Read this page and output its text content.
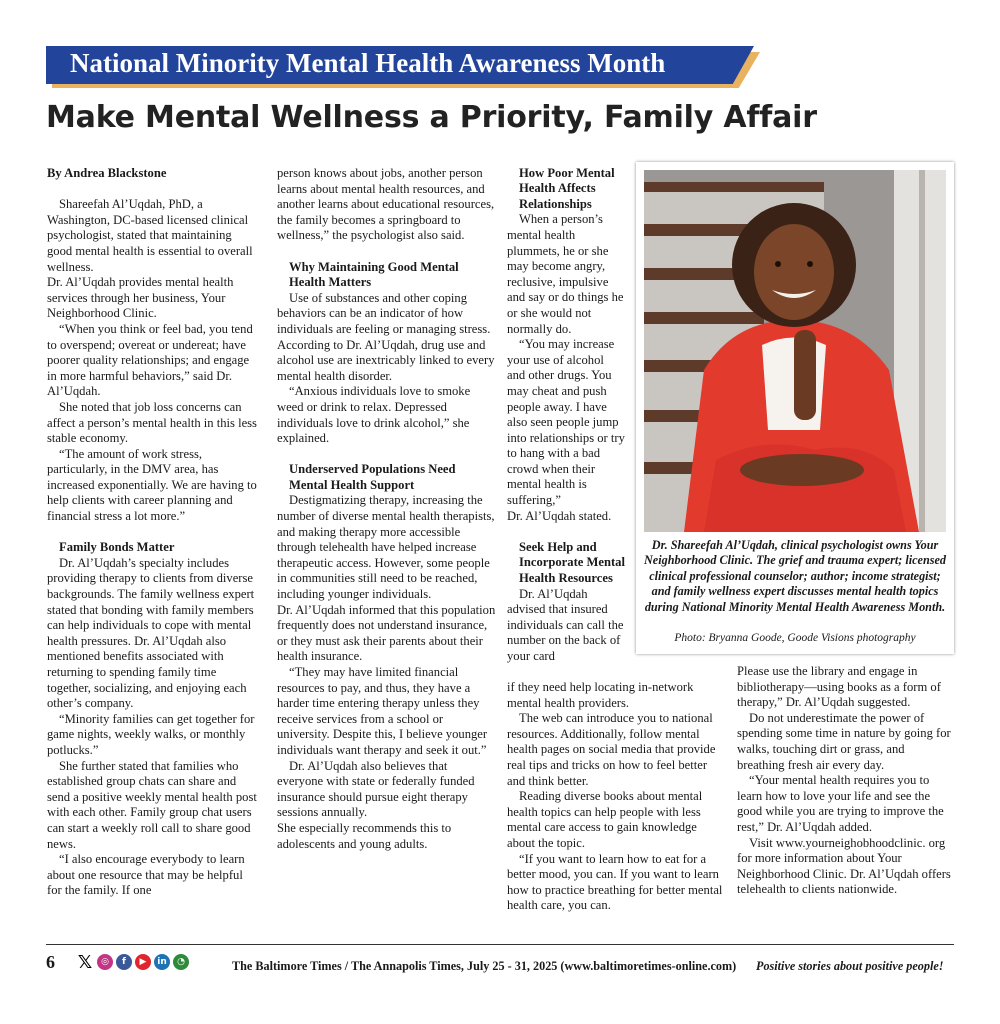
National Minority Mental Health Awareness Month
Make Mental Wellness a Priority, Family Affair

By Andrea Blackstone

Shareefah Al’Uqdah, PhD, a Washington, DC-based licensed clinical psychologist, stated that maintaining good mental health is essential to overall wellness.

Dr. Al’Uqdah provides mental health services through her business, Your Neighborhood Clinic.

“When you think or feel bad, you tend to overspend; overeat or undereat; have poorer quality relationships; and engage in more harmful behaviors,” said Dr. Al’Uqdah.

She noted that job loss concerns can affect a person’s mental health in this less stable economy.

“The amount of work stress, particularly, in the DMV area, has increased exponentially. We are having to help clients with career planning and financial stress a lot more.”

Family Bonds Matter

Dr. Al’Uqdah’s specialty includes providing therapy to clients from diverse backgrounds. The family wellness expert stated that bonding with family members can help individuals to cope with mental health pressures. Dr. Al’Uqdah also mentioned benefits associated with returning to spending family time together, socializing, and enjoying each other’s company.

“Minority families can get together for game nights, weekly walks, or monthly potlucks.”

She further stated that families who established group chats can share and send a positive weekly mental health post with each other. Family group chat users can start a weekly roll call to share good news.

“I also encourage everybody to learn about one resource that may be helpful for the family. If one

person knows about jobs, another person learns about mental health resources, and another learns about educational resources, the family becomes a springboard to wellness,” the psychologist also said.

Why Maintaining Good Mental Health Matters

Use of substances and other coping behaviors can be an indicator of how individuals are feeling or managing stress. According to Dr. Al’Uqdah, drug use and alcohol use are inextricably linked to every mental health disorder.

“Anxious individuals love to smoke weed or drink to relax. Depressed individuals love to drink alcohol,” she explained.

Underserved Populations Need Mental Health Support

Destigmatizing therapy, increasing the number of diverse mental health therapists, and making therapy more accessible through telehealth have helped increase therapeutic access. However, some people in communities still need to be reached, including younger individuals.

Dr. Al’Uqdah informed that this population frequently does not understand insurance, or they must ask their parents about their health insurance.

“They may have limited financial resources to pay, and thus, they have a harder time entering therapy unless they receive services from a school or university. Despite this, I believe younger individuals want therapy and seek it out.”

Dr. Al’Uqdah also believes that everyone with state or federally funded insurance should pursue eight therapy sessions annually.

She especially recommends this to adolescents and young adults.

How Poor Mental Health Affects Relationships

When a person’s mental health plummets, he or she may become angry, reclusive, impulsive and say or do things he or she would not normally do.

“You may increase your use of alcohol and other drugs. You may cheat and push people away. I have also seen people jump into relationships or try to hang with a bad crowd when their mental health is suffering,”

Dr. Al’Uqdah stated.

Seek Help and Incorporate Mental Health Resources

Dr. Al’Uqdah advised that insured individuals can call the number on the back of your card

if they need help locating in-network mental health providers.

The web can introduce you to national resources. Additionally, follow mental health pages on social media that provide real tips and tricks on how to feel better and think better.

Reading diverse books about mental health topics can help people with less mental care access to gain knowledge about the topic.

“If you want to learn how to eat for a better mood, you can. If you want to learn how to practice breathing for better mental health care, you can.

Please use the library and engage in bibliotherapy—using books as a form of therapy,” Dr. Al’Uqdah suggested.

Do not underestimate the power of spending some time in nature by going for walks, touching dirt or grass, and breathing fresh air every day.

“Your mental health requires you to learn how to love your life and see the good while you are trying to improve the rest,” Dr. Al’Uqdah added.

Visit www.yourneighobhoodclinic. org for more information about Your Neighborhood Clinic. Dr. Al’Uqdah offers telehealth to clients nationwide.

Dr. Shareefah Al’Uqdah, clinical psychologist owns Your Neighborhood Clinic. The grief and trauma expert; licensed clinical professional counselor; author; income strategist; and family wellness expert discusses mental health topics during National Minority Mental Health Awareness Month.
Photo: Bryanna Goode, Goode Visions photography
6 𝕏 ◎	f	▶	in	◔	The Baltimore Times / The Annapolis Times, July 25 - 31, 2025 (www.baltimoretimes-online.com) Positive stories about positive people!
